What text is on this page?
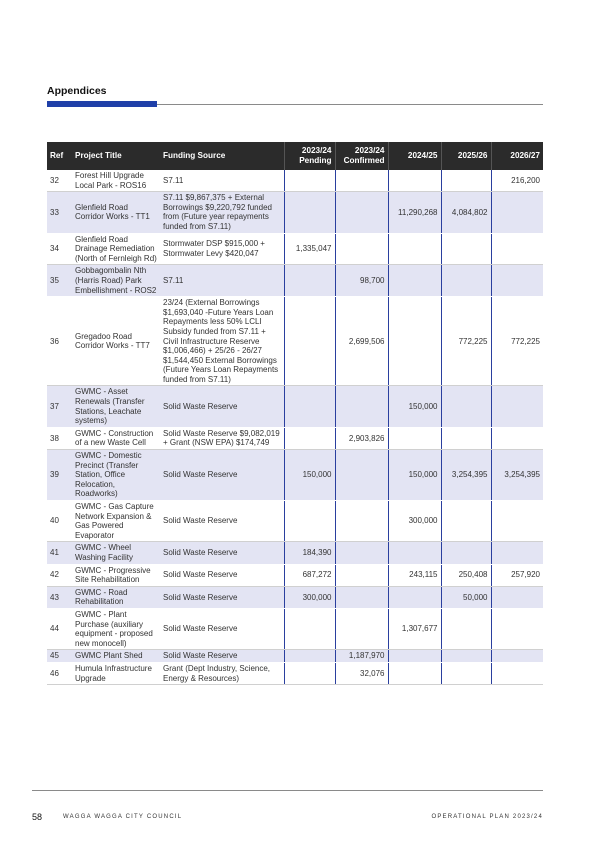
Appendices
Ref	Project Title	Funding Source	2023/24 Pending	2023/24 Confirmed	2024/25	2025/26	2026/27
32	Forest Hill Upgrade Local Park - ROS16	S7.11					216,200
33	Glenfield Road Corridor Works - TT1	S7.11 $9,867,375 + External Borrowings $9,220,792 funded from (Future year repayments funded from S7.11)			11,290,268	4,084,802	
34	Glenfield Road Drainage Remediation (North of Fernleigh Rd)	Stormwater DSP $915,000 + Stormwater Levy $420,047	1,335,047				
35	Gobbagombalin Nth (Harris Road) Park Embellishment - ROS2	S7.11		98,700			
36	Gregadoo Road Corridor Works - TT7	23/24 (External Borrowings $1,693,040 -Future Years Loan Repayments less 50% LCLI Subsidy funded from S7.11 + Civil Infrastructure Reserve $1,006,466) + 25/26 - 26/27 $1,544,450 External Borrowings (Future Years Loan Repayments funded from S7.11)		2,699,506		772,225	772,225
37	GWMC - Asset Renewals (Transfer Stations, Leachate systems)	Solid Waste Reserve			150,000		
38	GWMC - Construction of a new Waste Cell	Solid Waste Reserve $9,082,019 + Grant (NSW EPA) $174,749		2,903,826			
39	GWMC - Domestic Precinct (Transfer Station, Office Relocation, Roadworks)	Solid Waste Reserve	150,000		150,000	3,254,395	3,254,395
40	GWMC - Gas Capture Network Expansion & Gas Powered Evaporator	Solid Waste Reserve			300,000		
41	GWMC - Wheel Washing Facility	Solid Waste Reserve	184,390				
42	GWMC - Progressive Site Rehabilitation	Solid Waste Reserve	687,272		243,115	250,408	257,920
43	GWMC - Road Rehabilitation	Solid Waste Reserve	300,000			50,000	
44	GWMC - Plant Purchase (auxiliary equipment - proposed new monocell)	Solid Waste Reserve			1,307,677		
45	GWMC Plant Shed	Solid Waste Reserve		1,187,970			
46	Humula Infrastructure Upgrade	Grant (Dept Industry, Science, Energy & Resources)		32,076			
58	WAGGA WAGGA CITY COUNCIL	OPERATIONAL PLAN 2023/24
